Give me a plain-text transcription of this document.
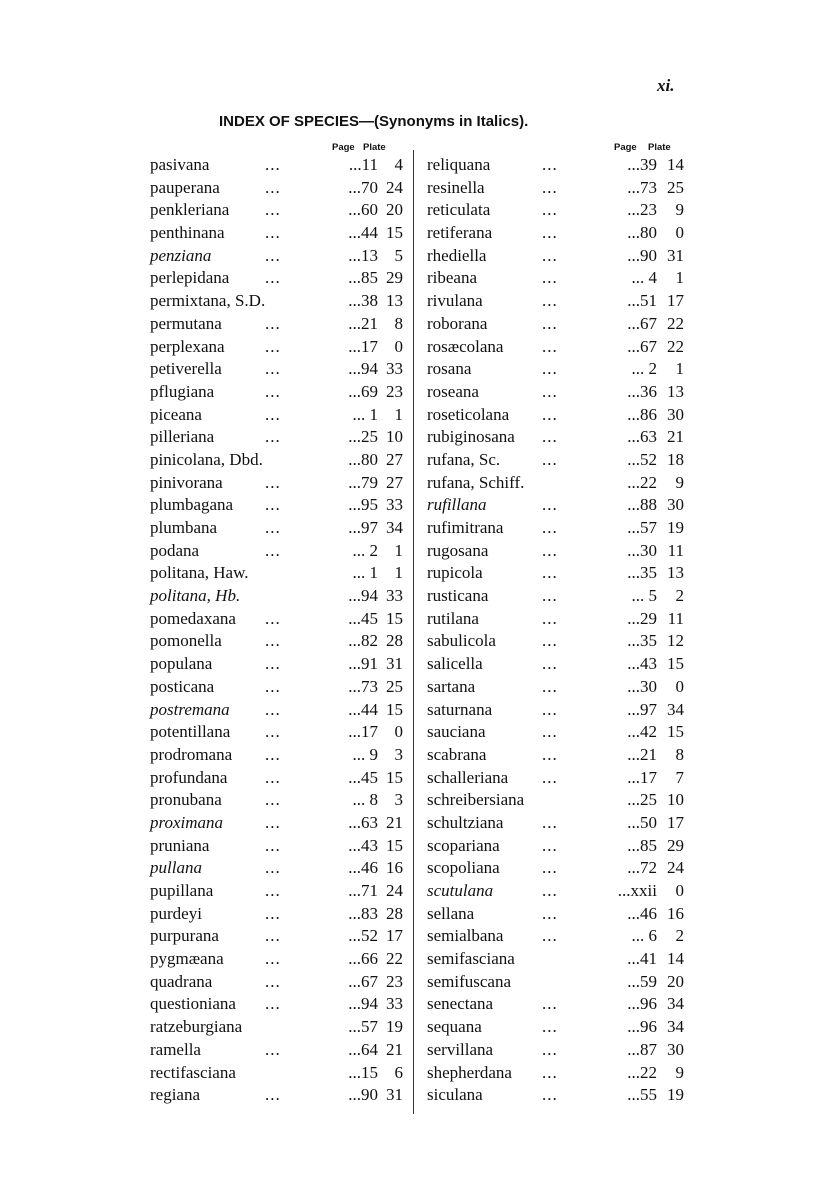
xi.
INDEX OF SPECIES—(Synonyms in Italics).
Page Plate	Page Plate
pasivana	...	...11 4
pauperana	...	...70 24
penkleriana ...	...60 20
penthinana ...	...44 15
penziana	...	...13 5
perlepidana ...	...85 29
permixtana, S.D.	...38 13
permutana	...	...21 8
perplexana ...	...17 0
petiverella	...	...94 33
pflugiana	...	...69 23
piceana	...	... 1 1
pilleriana	...	...25 10
pinicolana, Dbd.	...80 27
pinivorana ...	...79 27
plumbagana ...	...95 33
plumbana	...	...97 34
podana	...	... 2 1
politana, Haw.	... 1 1
politana, Hb.	...94 33
pomedaxana ...	...45 15
pomonella	...	...82 28
populana	...	...91 31
posticana	...	...73 25
postremana ...	...44 15
potentillana ...	...17 0
prodromana ...	... 9 3
profundana ...	...45 15
pronubana	...	... 8 3
proximana ...	...63 21
pruniana	...	...43 15
pullana	...	...46 16
pupillana	...	...71 24
purdeyi	...	...83 28
purpurana	...	...52 17
pygmæana ...	...66 22
quadrana	...	...67 23
questioniana ...	...94 33
ratzeburgiana	...57 19
ramella	...	...64 21
rectifasciana	...15 6
regiana	...	...90 31
reliquana	...	...39 14
resinella	...	...73 25
reticulata	...	...23	9
retiferana	...	...80	0
rhediella	...	...90 31
ribeana	...	... 4	1
rivulana	...	...51 17
roborana	...	...67 22
rosæcolana ...	...67 22
rosana	...	... 2	1
roseana	...	...36 13
roseticolana ...	...86 30
rubiginosana ...	...63 21
rufana, Sc. ...	...52 18
rufana, Schiff.	...22	9
rufillana	...	...88 30
rufimitrana ...	...57 19
rugosana	...	...30 11
rupicola	...	...35 13
rusticana	...	... 5	2
rutilana	...	...29 11
sabulicola	...	...35 12
salicella	...	...43 15
sartana	...	...30	0
saturnana	...	...97 34
sauciana	...	...42 15
scabrana	...	...21	8
schalleriana ...	...17	7
schreibersiana	...25 10
schultziana ...	...50 17
scopariana ...	...85 29
scopoliana ...	...72 24
scutulana	...	...xxii	0
sellana	...	...46 16
semialbana ...	... 6	2
semifasciana	...41 14
semifuscana	...59 20
senectana	...	...96 34
sequana	...	...96 34
servillana	...	...87 30
shepherdana ...	...22	9
siculana	...	...55 19
